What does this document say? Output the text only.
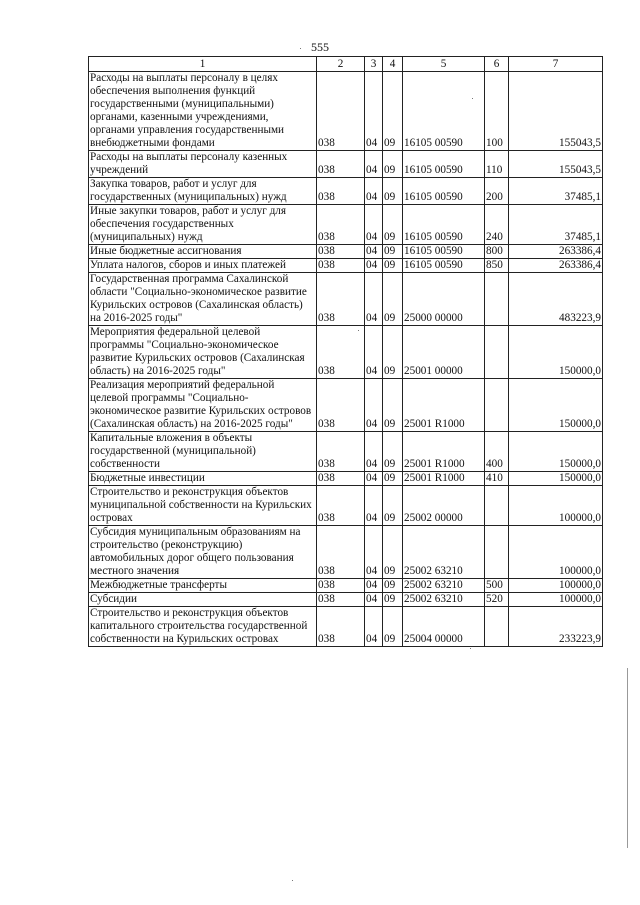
555
1	2	3	4	5	6	7
Расходы на выплаты персоналу в целях обеспечения выполнения функций государственными (муниципальными) органами, казенными учреждениями, органами управления государственными внебюджетными фондами	038	04	09	16105 00590	100	155043,5
Расходы на выплаты персоналу казенных учреждений	038	04	09	16105 00590	110	155043,5
Закупка товаров, работ и услуг для государственных (муниципальных) нужд	038	04	09	16105 00590	200	37485,1
Иные закупки товаров, работ и услуг для обеспечения государственных (муниципальных) нужд	038	04	09	16105 00590	240	37485,1
Иные бюджетные ассигнования	038	04	09	16105 00590	800	263386,4
Уплата налогов, сборов и иных платежей	038	04	09	16105 00590	850	263386,4
Государственная программа Сахалинской области "Социально-экономическое развитие Курильских островов (Сахалинская область) на 2016-2025 годы"	038	04	09	25000 00000		483223,9
Мероприятия федеральной целевой программы "Социально-экономическое развитие Курильских островов (Сахалинская область) на 2016-2025 годы"	038	04	09	25001 00000		150000,0
Реализация мероприятий федеральной целевой программы "Социально-экономическое развитие Курильских островов (Сахалинская область) на 2016-2025 годы"	038	04	09	25001 R1000		150000,0
Капитальные вложения в объекты государственной (муниципальной) собственности	038	04	09	25001 R1000	400	150000,0
Бюджетные инвестиции	038	04	09	25001 R1000	410	150000,0
Строительство и реконструкция объектов муниципальной собственности на Курильских островах	038	04	09	25002 00000		100000,0
Субсидия муниципальным образованиям на строительство (реконструкцию) автомобильных дорог общего пользования местного значения	038	04	09	25002 63210		100000,0
Межбюджетные трансферты	038	04	09	25002 63210	500	100000,0
Субсидии	038	04	09	25002 63210	520	100000,0
Строительство и реконструкция объектов капитального строительства государственной собственности на Курильских островах	038	04	09	25004 00000		233223,9
